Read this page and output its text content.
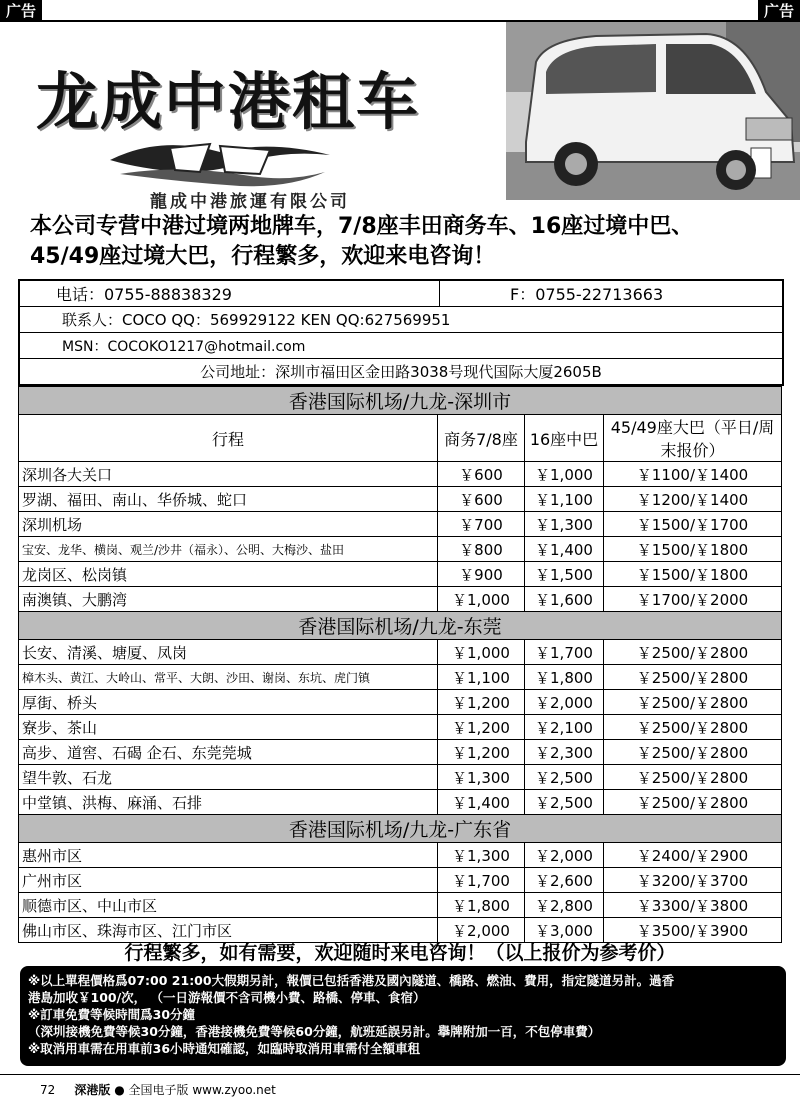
广告	广告
龙成中港租车
龍成中港旅運有限公司
本公司专营中港过境两地牌车，7/8座丰田商务车、16座过境中巴、
45/49座过境大巴，行程繁多，欢迎来电咨询！
电话：0755-88838329	F：0755-22713663
联系人：COCO QQ：569929122 KEN QQ:627569951
MSN：COCOKO1217@hotmail.com
公司地址：深圳市福田区金田路3038号现代国际大厦2605B
香港国际机场/九龙-深圳市			
行程	商务7/8座	16座中巴	45/49座大巴（平日/周末报价）
深圳各大关口	￥600	￥1,000	￥1100/￥1400
罗湖、福田、南山、华侨城、蛇口	￥600	￥1,100	￥1200/￥1400
深圳机场	￥700	￥1,300	￥1500/￥1700
宝安、龙华、横岗、观兰/沙井（福永）、公明、大梅沙、盐田	￥800	￥1,400	￥1500/￥1800
龙岗区、松岗镇	￥900	￥1,500	￥1500/￥1800
南澳镇、大鹏湾	￥1,000	￥1,600	￥1700/￥2000
香港国际机场/九龙-东莞			
长安、清溪、塘厦、凤岗	￥1,000	￥1,700	￥2500/￥2800
樟木头、黄江、大岭山、常平、大朗、沙田、谢岗、东坑、虎门镇	￥1,100	￥1,800	￥2500/￥2800
厚街、桥头	￥1,200	￥2,000	￥2500/￥2800
寮步、茶山	￥1,200	￥2,100	￥2500/￥2800
高步、道窖、石碣 企石、东莞莞城	￥1,200	￥2,300	￥2500/￥2800
望牛敦、石龙	￥1,300	￥2,500	￥2500/￥2800
中堂镇、洪梅、麻涌、石排	￥1,400	￥2,500	￥2500/￥2800
香港国际机场/九龙-广东省			
惠州市区	￥1,300	￥2,000	￥2400/￥2900
广州市区	￥1,700	￥2,600	￥3200/￥3700
顺德市区、中山市区	￥1,800	￥2,800	￥3300/￥3800
佛山市区、珠海市区、江门市区	￥2,000	￥3,000	￥3500/￥3900
行程繁多，如有需要，欢迎随时来电咨询！（以上报价为参考价）
※以上單程價格爲07:00 21:00大假期另計，報價已包括香港及國內隧道、橋路、燃油、費用，指定隧道另計。過香
港島加收￥100/次， （一日游報價不含司機小費、路橋、停車、食宿）
※訂車免費等候時間爲30分鐘
（深圳接機免費等候30分鐘，香港接機免費等候60分鐘，航班延誤另計。擧牌附加一百，不包停車費）
※取消用車需在用車前36小時通知確認，如臨時取消用車需付全額車租
72 深港版 ● 全国电子版 www.zyoo.net
